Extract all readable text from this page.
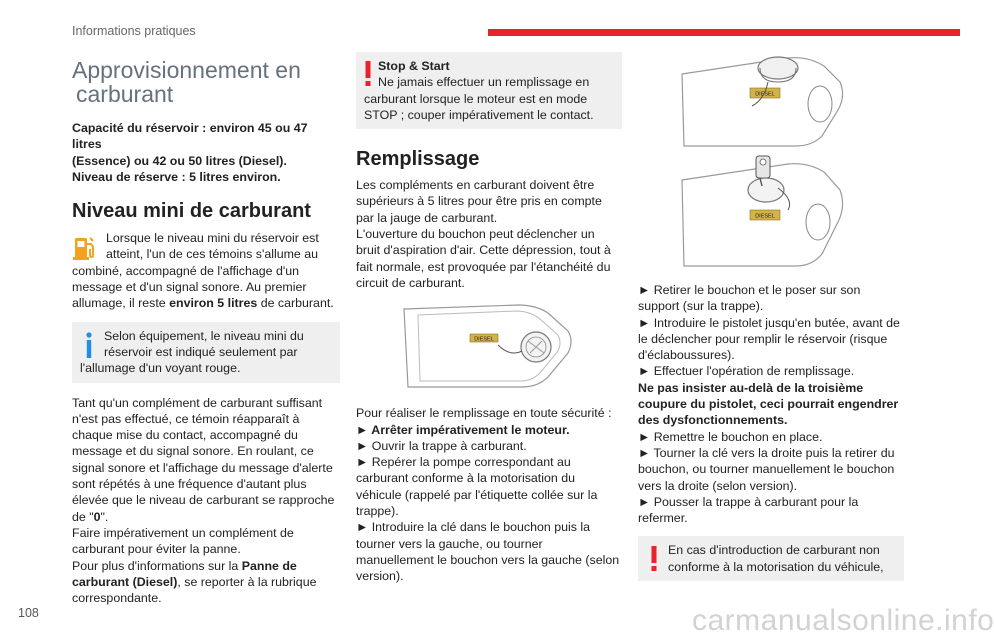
Informations pratiques
Approvisionnement en
carburant

Capacité du réservoir : environ 45 ou 47 litres
(Essence) ou 42 ou 50 litres (Diesel).
Niveau de réserve : 5 litres environ.

Niveau mini de carburant

Lorsque le niveau mini du réservoir est atteint, l'un de ces témoins s'allume au combiné, accompagné de l'affichage d'un message et d'un signal sonore. Au premier allumage, il reste environ 5 litres de carburant.

Selon équipement, le niveau mini du réservoir est indiqué seulement par l'allumage d'un voyant rouge.

Tant qu'un complément de carburant suffisant n'est pas effectué, ce témoin réapparaît à chaque mise du contact, accompagné du message et du signal sonore. En roulant, ce signal sonore et l'affichage du message d'alerte sont répétés à une fréquence d'autant plus élevée que le niveau de carburant se rapproche de "0".

Faire impérativement un complément de carburant pour éviter la panne.

Pour plus d'informations sur la Panne de carburant (Diesel), se reporter à la rubrique correspondante.

Stop & Start
Ne jamais effectuer un remplissage en carburant lorsque le moteur est en mode STOP ; couper impérativement le contact.
Remplissage

Les compléments en carburant doivent être supérieurs à 5 litres pour être pris en compte par la jauge de carburant.

L'ouverture du bouchon peut déclencher un bruit d'aspiration d'air. Cette dépression, tout à fait normale, est provoquée par l'étanchéité du circuit de carburant.

DIESEL

Pour réaliser le remplissage en toute sécurité :

► Arrêter impérativement le moteur.

► Ouvrir la trappe à carburant.

► Repérer la pompe correspondant au carburant conforme à la motorisation du véhicule (rappelé par l'étiquette collée sur la trappe).

► Introduire la clé dans le bouchon puis la tourner vers la gauche, ou tourner manuellement le bouchon vers la gauche (selon version).

DIESEL
DIESEL

► Retirer le bouchon et le poser sur son support (sur la trappe).

► Introduire le pistolet jusqu'en butée, avant de le déclencher pour remplir le réservoir (risque d'éclaboussures).

► Effectuer l'opération de remplissage.

Ne pas insister au-delà de la troisième coupure du pistolet, ceci pourrait engendrer des dysfonctionnements.

► Remettre le bouchon en place.

► Tourner la clé vers la droite puis la retirer du bouchon, ou tourner manuellement le bouchon vers la droite (selon version).

► Pousser la trappe à carburant pour la refermer.

En cas d'introduction de carburant non conforme à la motorisation du véhicule,
108	carmanualsonline.info
